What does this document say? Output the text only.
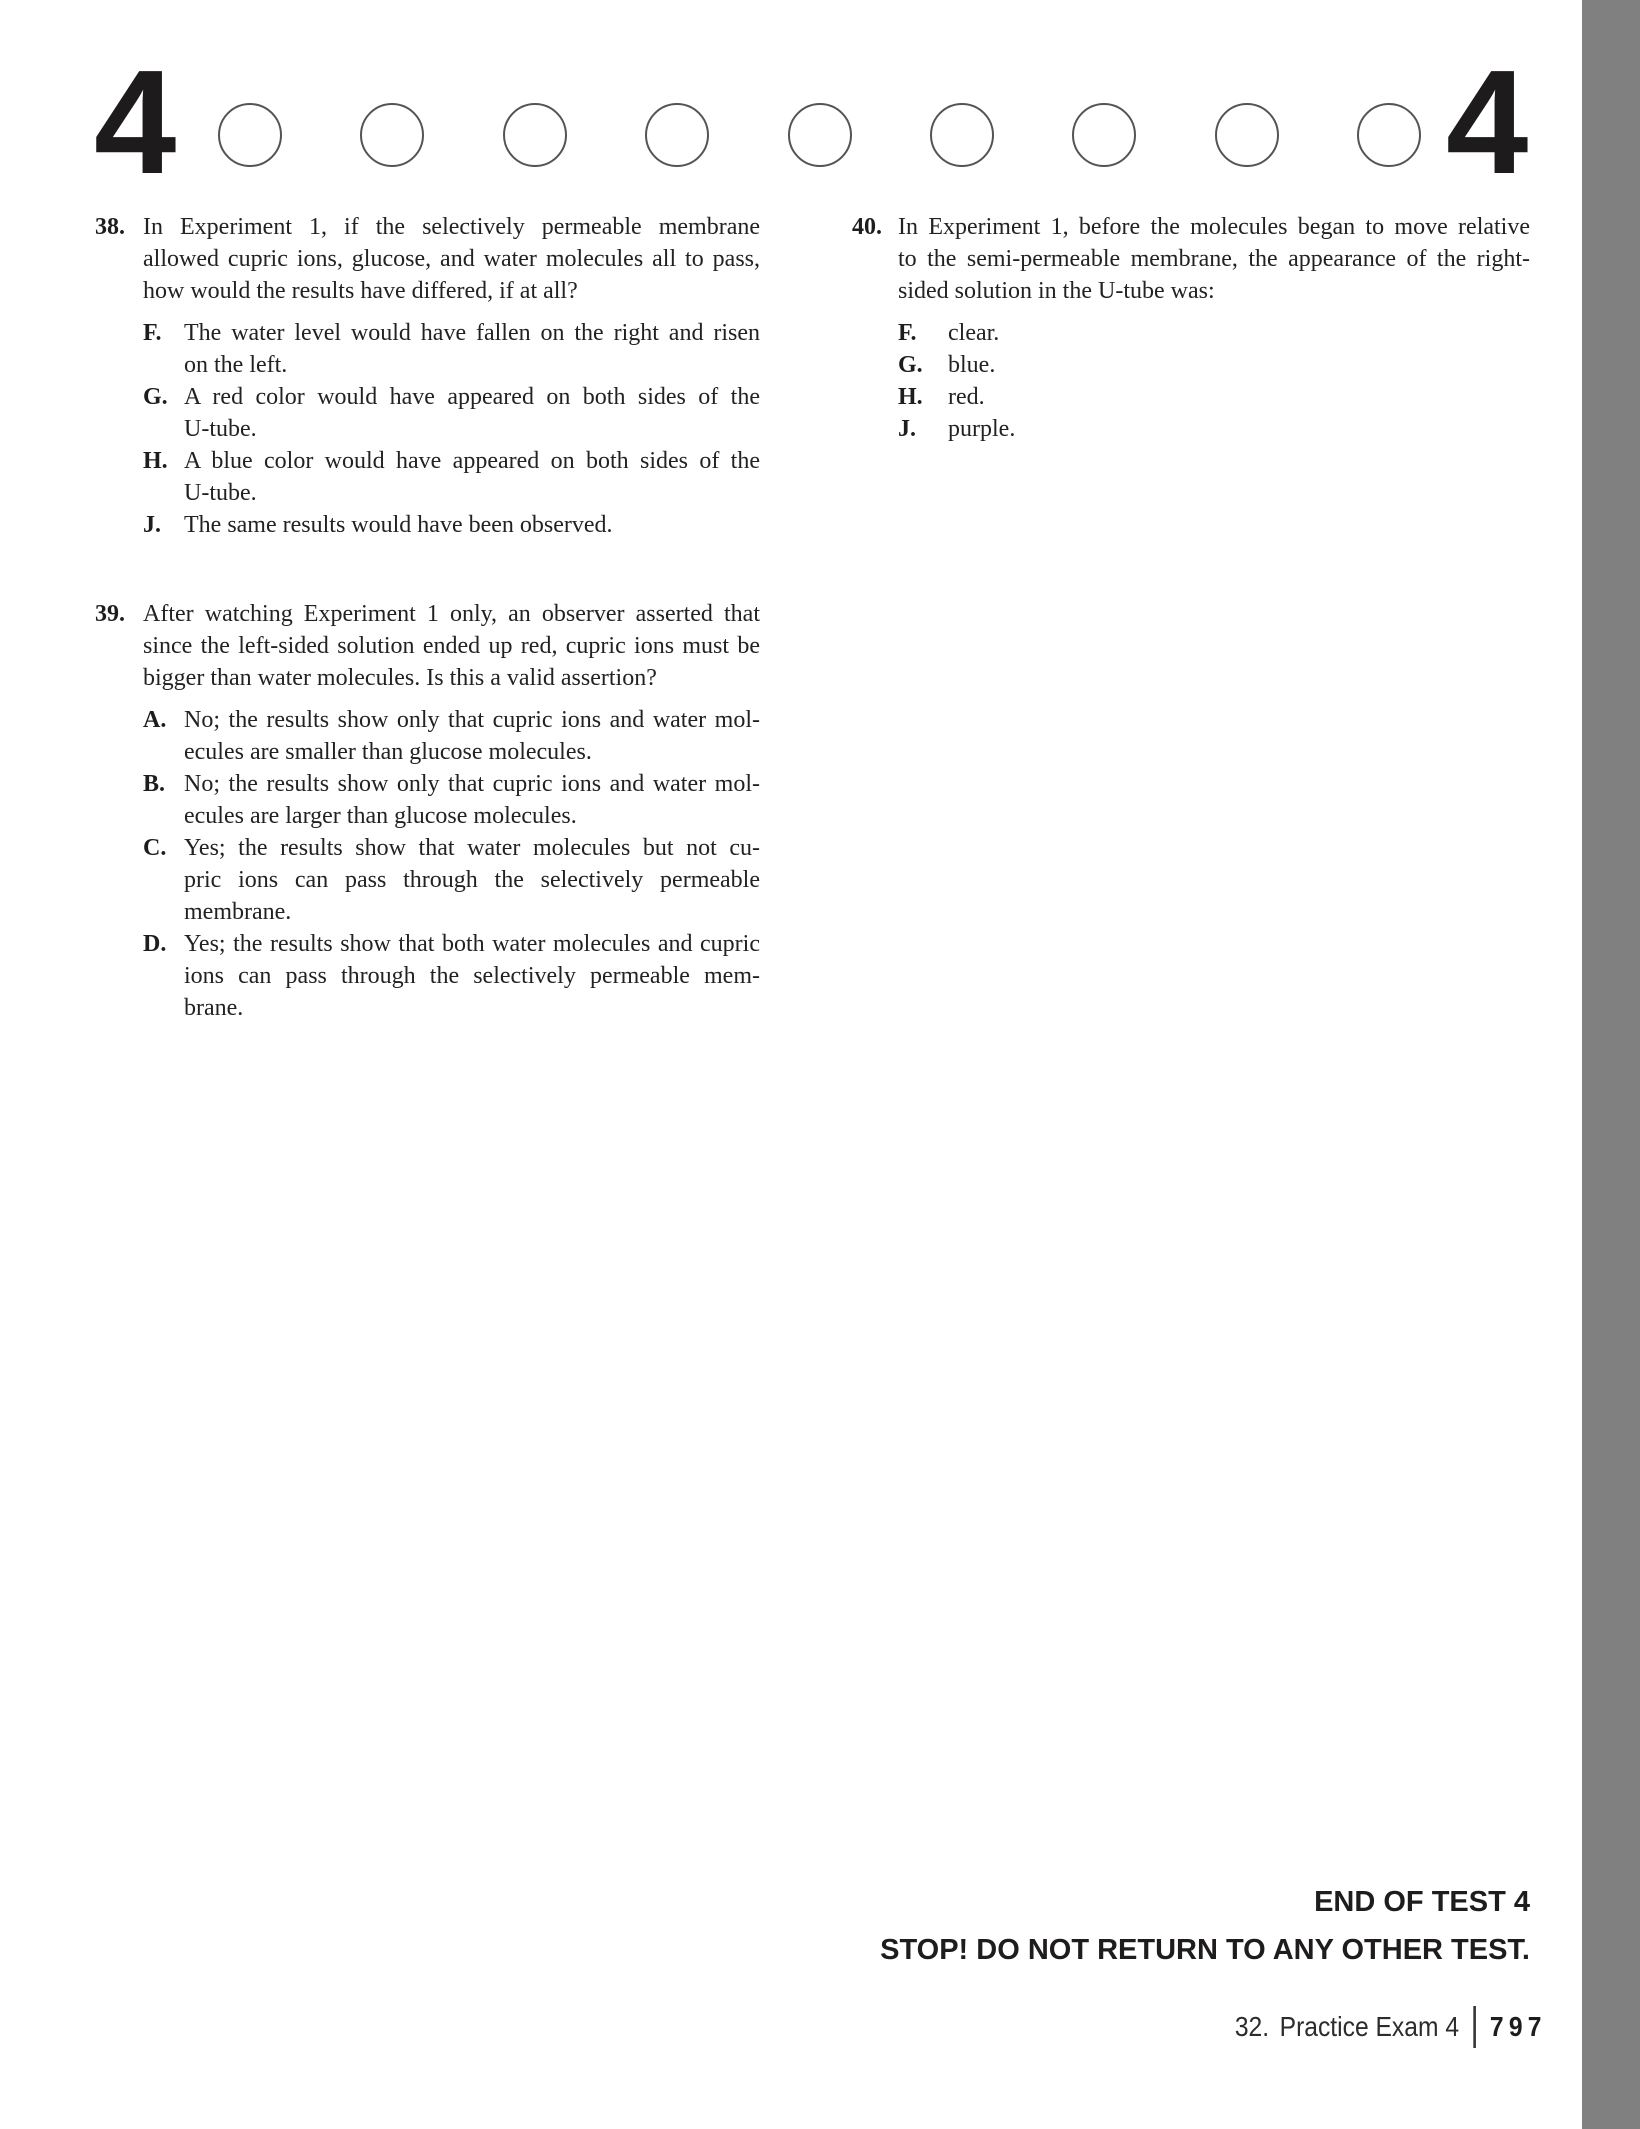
4	4
38. In Experiment 1, if the selectively permeable membrane
allowed cupric ions, glucose, and water molecules all to pass,
how would the results have differed, if at all?
F. The water level would have fallen on the right and risen
on the left.
G. A red color would have appeared on both sides of the
U-tube.
H. A blue color would have appeared on both sides of the
U-tube.
J. The same results would have been observed.
39. After watching Experiment 1 only, an observer asserted that
since the left-sided solution ended up red, cupric ions must be
bigger than water molecules. Is this a valid assertion?
A. No; the results show only that cupric ions and water mol-
ecules are smaller than glucose molecules.
B. No; the results show only that cupric ions and water mol-
ecules are larger than glucose molecules.
C. Yes; the results show that water molecules but not cu-
pric ions can pass through the selectively permeable
membrane.
D. Yes; the results show that both water molecules and cupric
ions can pass through the selectively permeable mem-
brane.
40. In Experiment 1, before the molecules began to move relative
to the semi-permeable membrane, the appearance of the right-
sided solution in the U-tube was:
F.	clear.
G.	blue.
H.	red.
J.	purple.
END OF TEST 4
STOP! DO NOT RETURN TO ANY OTHER TEST.
32. Practice Exam 4 797
